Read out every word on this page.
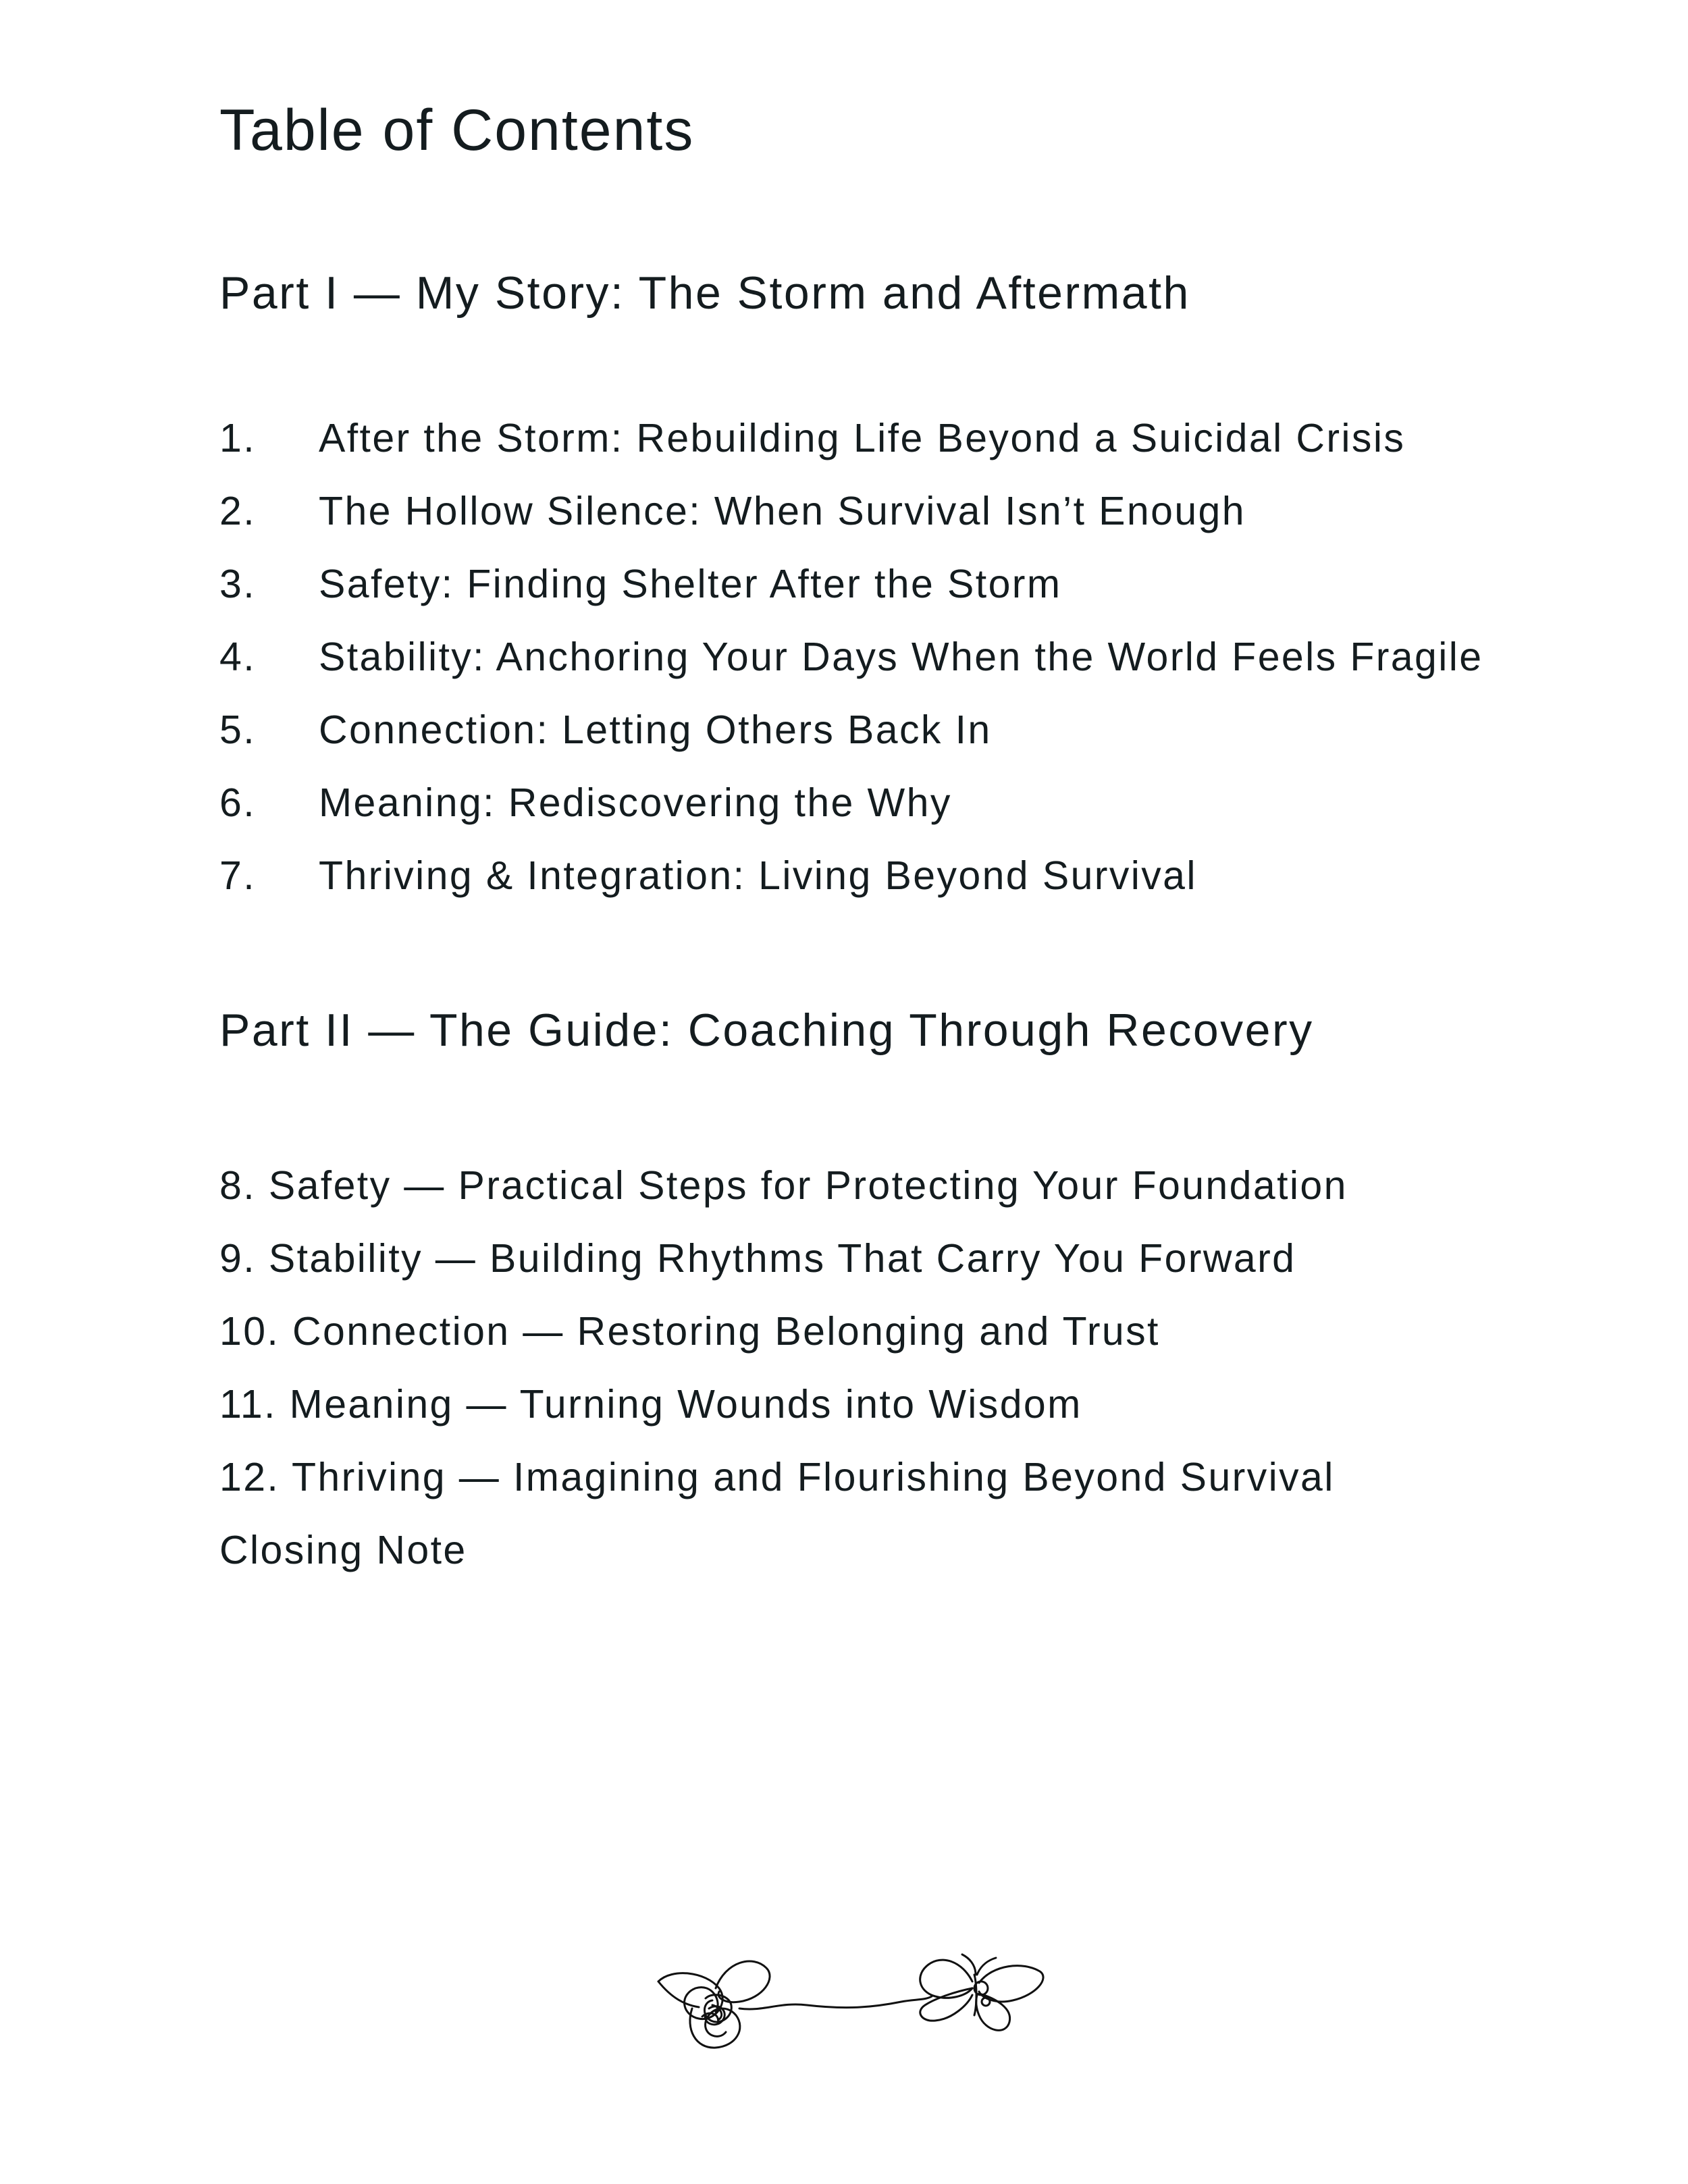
Table of Contents
Part I — My Story: The Storm and Aftermath
1. After the Storm: Rebuilding Life Beyond a Suicidal Crisis
2. The Hollow Silence: When Survival Isn’t Enough
3. Safety: Finding Shelter After the Storm
4. Stability: Anchoring Your Days When the World Feels Fragile
5. Connection: Letting Others Back In
6. Meaning: Rediscovering the Why
7. Thriving & Integration: Living Beyond Survival
Part II — The Guide: Coaching Through Recovery
8. Safety — Practical Steps for Protecting Your Foundation
9. Stability — Building Rhythms That Carry You Forward
10. Connection — Restoring Belonging and Trust
11. Meaning — Turning Wounds into Wisdom
12. Thriving — Imagining and Flourishing Beyond Survival
Closing Note
